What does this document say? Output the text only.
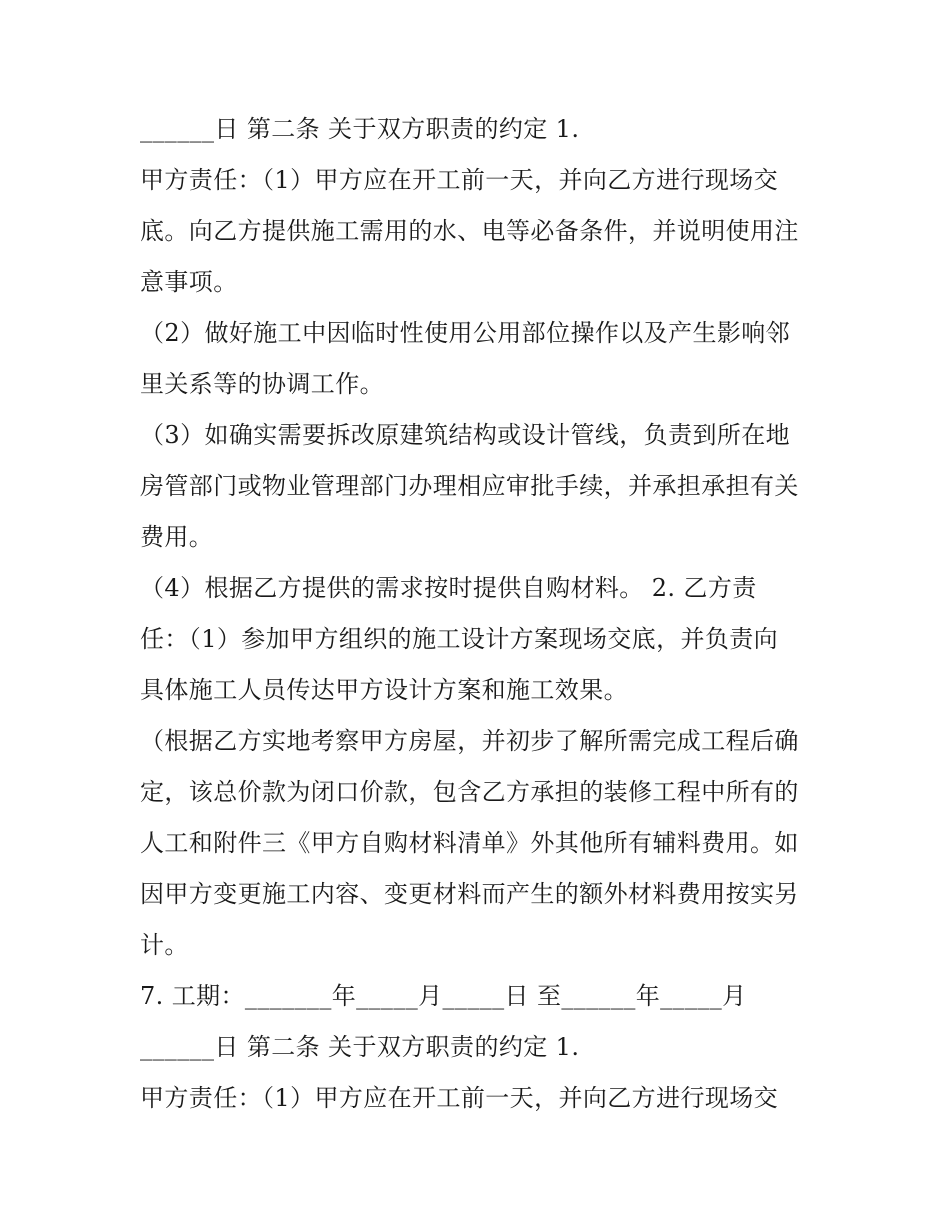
______日 第二条 关于双方职责的约定 1.
甲方责任：（1）甲方应在开工前一天，并向乙方进行现场交
底。向乙方提供施工需用的水、电等必备条件，并说明使用注
意事项。
（2）做好施工中因临时性使用公用部位操作以及产生影响邻
里关系等的协调工作。
（3）如确实需要拆改原建筑结构或设计管线，负责到所在地
房管部门或物业管理部门办理相应审批手续，并承担承担有关
费用。
（4）根据乙方提供的需求按时提供自购材料。 2. 乙方责
任：（1）参加甲方组织的施工设计方案现场交底，并负责向
具体施工人员传达甲方设计方案和施工效果。
（根据乙方实地考察甲方房屋，并初步了解所需完成工程后确
定，该总价款为闭口价款，包含乙方承担的装修工程中所有的
人工和附件三《甲方自购材料清单》外其他所有辅料费用。如
因甲方变更施工内容、变更材料而产生的额外材料费用按实另
计。
7. 工期：_______年_____月_____日 至______年_____月
______日 第二条 关于双方职责的约定 1.
甲方责任：（1）甲方应在开工前一天，并向乙方进行现场交
